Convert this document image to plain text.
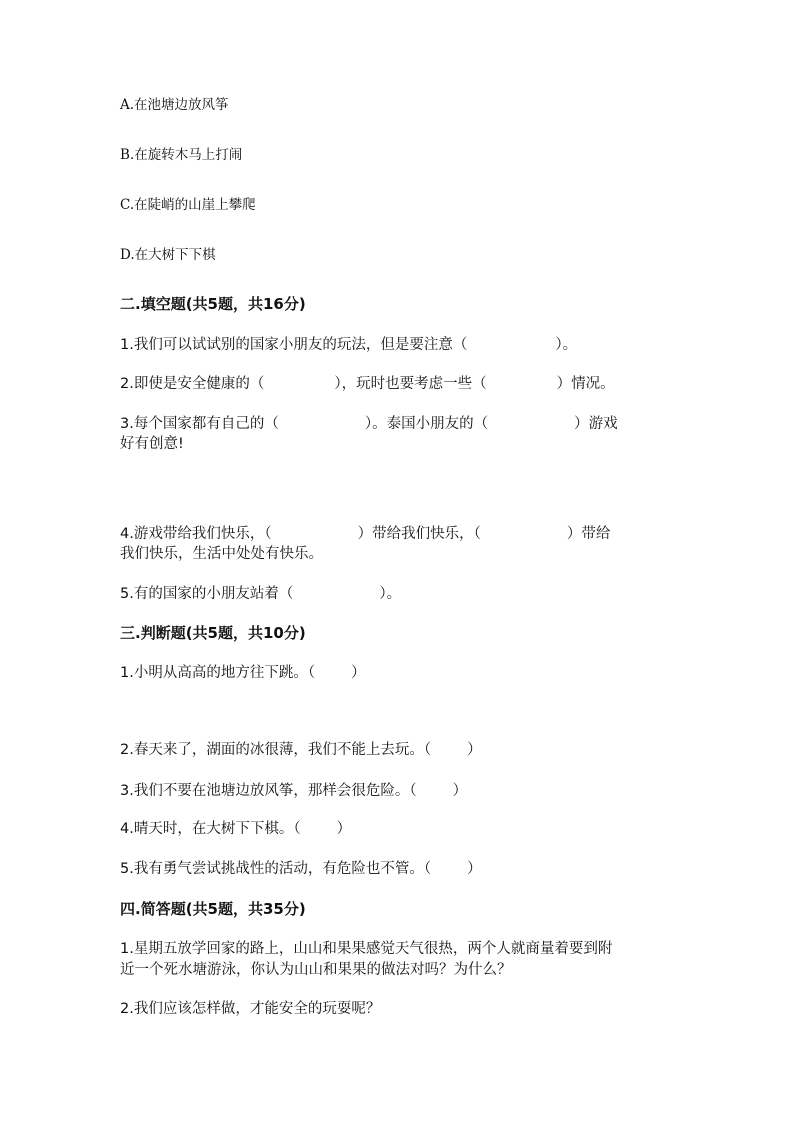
A.在池塘边放风筝
B.在旋转木马上打闹
C.在陡峭的山崖上攀爬
D.在大树下下棋
二.填空题(共5题，共16分)
1.我们可以试试别的国家小朋友的玩法，但是要注意（	）。
2.即使是安全健康的（	），玩时也要考虑一些（	）情况。
3.每个国家都有自己的（	）。泰国小朋友的（	）游戏
好有创意!
4.游戏带给我们快乐，（	）带给我们快乐，（	）带给
我们快乐，生活中处处有快乐。
5.有的国家的小朋友站着（	）。
三.判断题(共5题，共10分)
1.小明从高高的地方往下跳。（ ）
2.春天来了，湖面的冰很薄，我们不能上去玩。（ ）
3.我们不要在池塘边放风筝，那样会很危险。（ ）
4.晴天时，在大树下下棋。（ ）
5.我有勇气尝试挑战性的活动，有危险也不管。（ ）
四.简答题(共5题，共35分)
1.星期五放学回家的路上，山山和果果感觉天气很热，两个人就商量着要到附
近一个死水塘游泳，你认为山山和果果的做法对吗？为什么？
2.我们应该怎样做，才能安全的玩耍呢？
